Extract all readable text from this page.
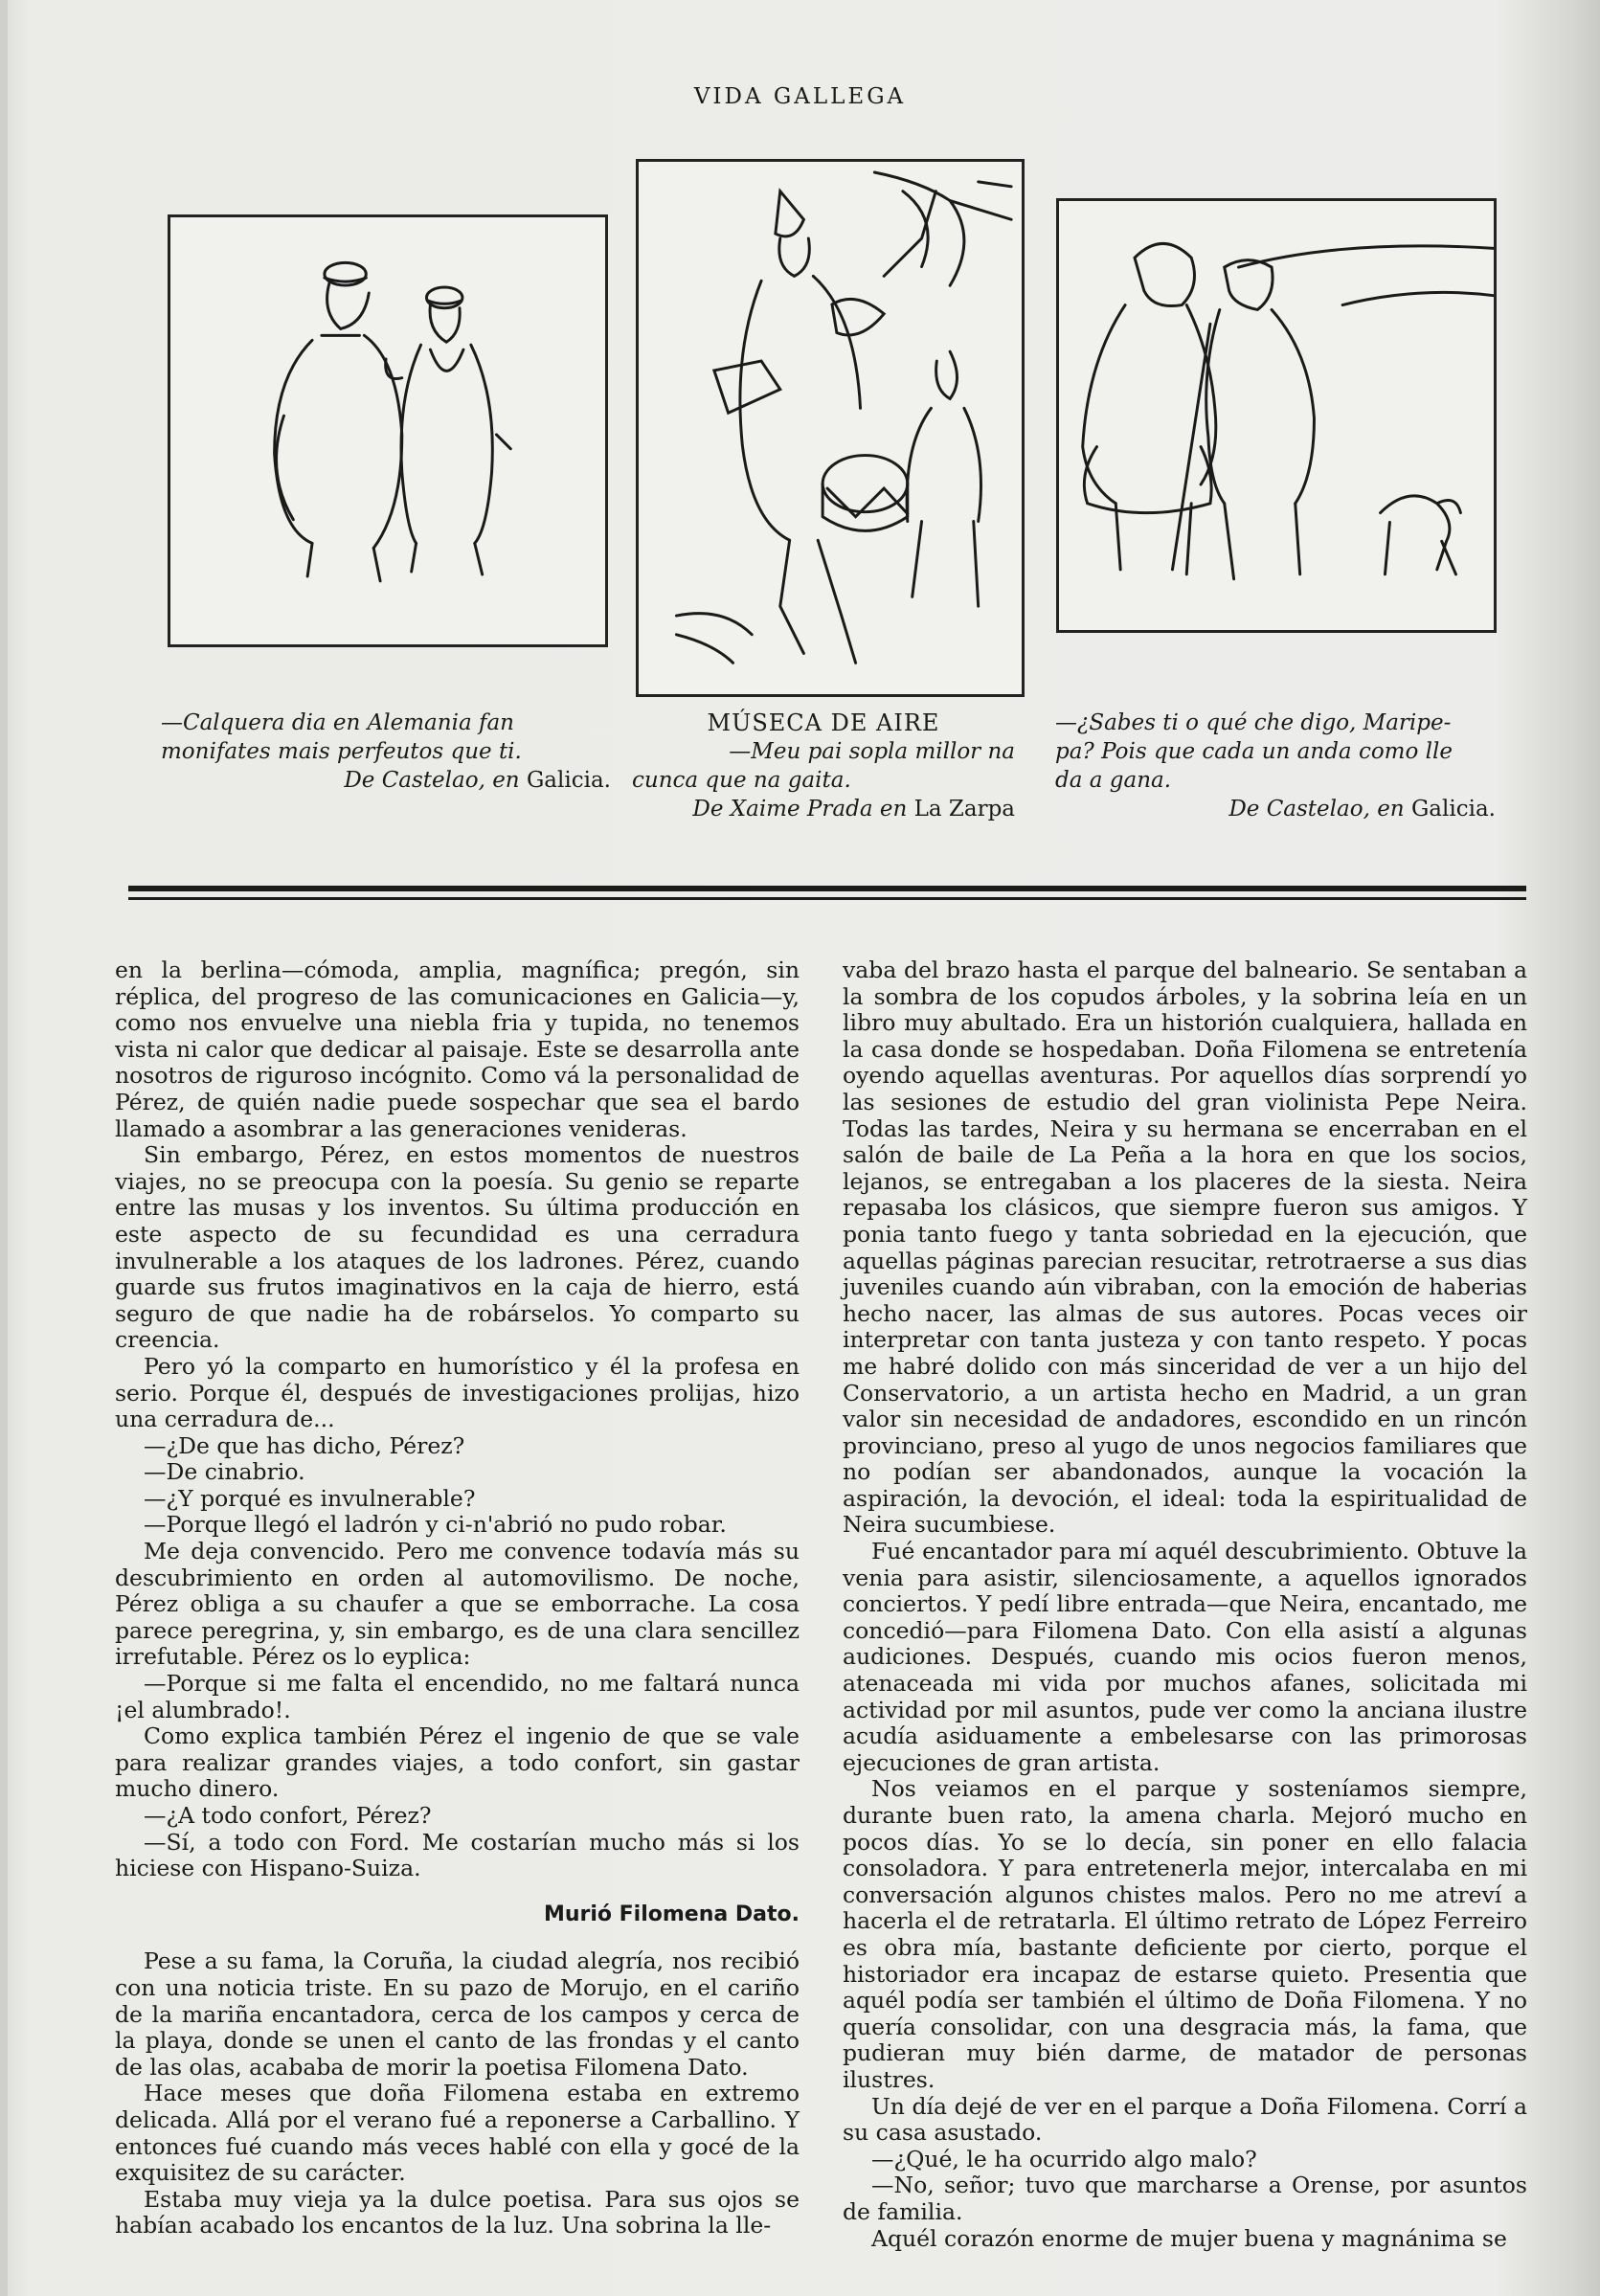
VIDA GALLEGA
—Calquera dia en Alemania fan
monifates mais perfeutos que ti.
De Castelao, en Galicia.
MÚSECA DE AIRE
—Meu pai sopla millor na
cunca que na gaita.
De Xaime Prada en La Zarpa
—¿Sabes ti o qué che digo, Maripe-
pa? Pois que cada un anda como lle
da a gana.
De Castelao, en Galicia.

en la berlina—cómoda, amplia, magnífica; pregón, sin réplica, del progreso de las comunicaciones en Galicia—y, como nos envuelve una niebla fria y tupida, no tenemos vista ni calor que dedicar al paisaje. Este se desarrolla ante nosotros de riguroso incógnito. Como vá la personalidad de Pérez, de quién nadie puede sospechar que sea el bardo llamado a asombrar a las generaciones venideras.

Sin embargo, Pérez, en estos momentos de nuestros viajes, no se preocupa con la poesía. Su genio se reparte entre las musas y los inventos. Su última producción en este aspecto de su fecundidad es una cerradura invulnerable a los ataques de los ladrones. Pérez, cuando guarde sus frutos imaginativos en la caja de hierro, está seguro de que nadie ha de robárselos. Yo comparto su creencia.

Pero yó la comparto en humorístico y él la profesa en serio. Porque él, después de investigaciones prolijas, hizo una cerradura de...

—¿De que has dicho, Pérez?

—De cinabrio.

—¿Y porqué es invulnerable?

—Porque llegó el ladrón y ci-n'abrió no pudo robar.

Me deja convencido. Pero me convence todavía más su descubrimiento en orden al automovilismo. De noche, Pérez obliga a su chaufer a que se emborrache. La cosa parece peregrina, y, sin embargo, es de una clara sencillez irrefutable. Pérez os lo eyplica:

—Porque si me falta el encendido, no me faltará nunca ¡el alumbrado!.

Como explica también Pérez el ingenio de que se vale para realizar grandes viajes, a todo confort, sin gastar mucho dinero.

—¿A todo confort, Pérez?

—Sí, a todo con Ford. Me costarían mucho más si los hiciese con Hispano-Suiza.

Murió Filomena Dato.

Pese a su fama, la Coruña, la ciudad alegría, nos recibió con una noticia triste. En su pazo de Morujo, en el cariño de la mariña encantadora, cerca de los campos y cerca de la playa, donde se unen el canto de las frondas y el canto de las olas, acababa de morir la poetisa Filomena Dato.

Hace meses que doña Filomena estaba en extremo delicada. Allá por el verano fué a reponerse a Carballino. Y entonces fué cuando más veces hablé con ella y gocé de la exquisitez de su carácter.

Estaba muy vieja ya la dulce poetisa. Para sus ojos se habían acabado los encantos de la luz. Una sobrina la lle-

vaba del brazo hasta el parque del balneario. Se sentaban a la sombra de los copudos árboles, y la sobrina leía en un libro muy abultado. Era un historión cualquiera, hallada en la casa donde se hospedaban. Doña Filomena se entretenía oyendo aquellas aventuras. Por aquellos días sorprendí yo las sesiones de estudio del gran violinista Pepe Neira. Todas las tardes, Neira y su hermana se encerraban en el salón de baile de La Peña a la hora en que los socios, lejanos, se entregaban a los placeres de la siesta. Neira repasaba los clásicos, que siempre fueron sus amigos. Y ponia tanto fuego y tanta sobriedad en la ejecución, que aquellas páginas parecian resucitar, retrotraerse a sus dias juveniles cuando aún vibraban, con la emoción de haberias hecho nacer, las almas de sus autores. Pocas veces oir interpretar con tanta justeza y con tanto respeto. Y pocas me habré dolido con más sinceridad de ver a un hijo del Conservatorio, a un artista hecho en Madrid, a un gran valor sin necesidad de andadores, escondido en un rincón provinciano, preso al yugo de unos negocios familiares que no podían ser abandonados, aunque la vocación la aspiración, la devoción, el ideal: toda la espiritualidad de Neira sucumbiese.

Fué encantador para mí aquél descubrimiento. Obtuve la venia para asistir, silenciosamente, a aquellos ignorados conciertos. Y pedí libre entrada—que Neira, encantado, me concedió—para Filomena Dato. Con ella asistí a algunas audiciones. Después, cuando mis ocios fueron menos, atenaceada mi vida por muchos afanes, solicitada mi actividad por mil asuntos, pude ver como la anciana ilustre acudía asiduamente a embelesarse con las primorosas ejecuciones de gran artista.

Nos veiamos en el parque y sosteníamos siempre, durante buen rato, la amena charla. Mejoró mucho en pocos días. Yo se lo decía, sin poner en ello falacia consoladora. Y para entretenerla mejor, intercalaba en mi conversación algunos chistes malos. Pero no me atreví a hacerla el de retratarla. El último retrato de López Ferreiro es obra mía, bastante deficiente por cierto, porque el historiador era incapaz de estarse quieto. Presentia que aquél podía ser también el último de Doña Filomena. Y no quería consolidar, con una desgracia más, la fama, que pudieran muy bién darme, de matador de personas ilustres.

Un día dejé de ver en el parque a Doña Filomena. Corrí a su casa asustado.

—¿Qué, le ha ocurrido algo malo?

—No, señor; tuvo que marcharse a Orense, por asuntos de familia.

Aquél corazón enorme de mujer buena y magnánima se
